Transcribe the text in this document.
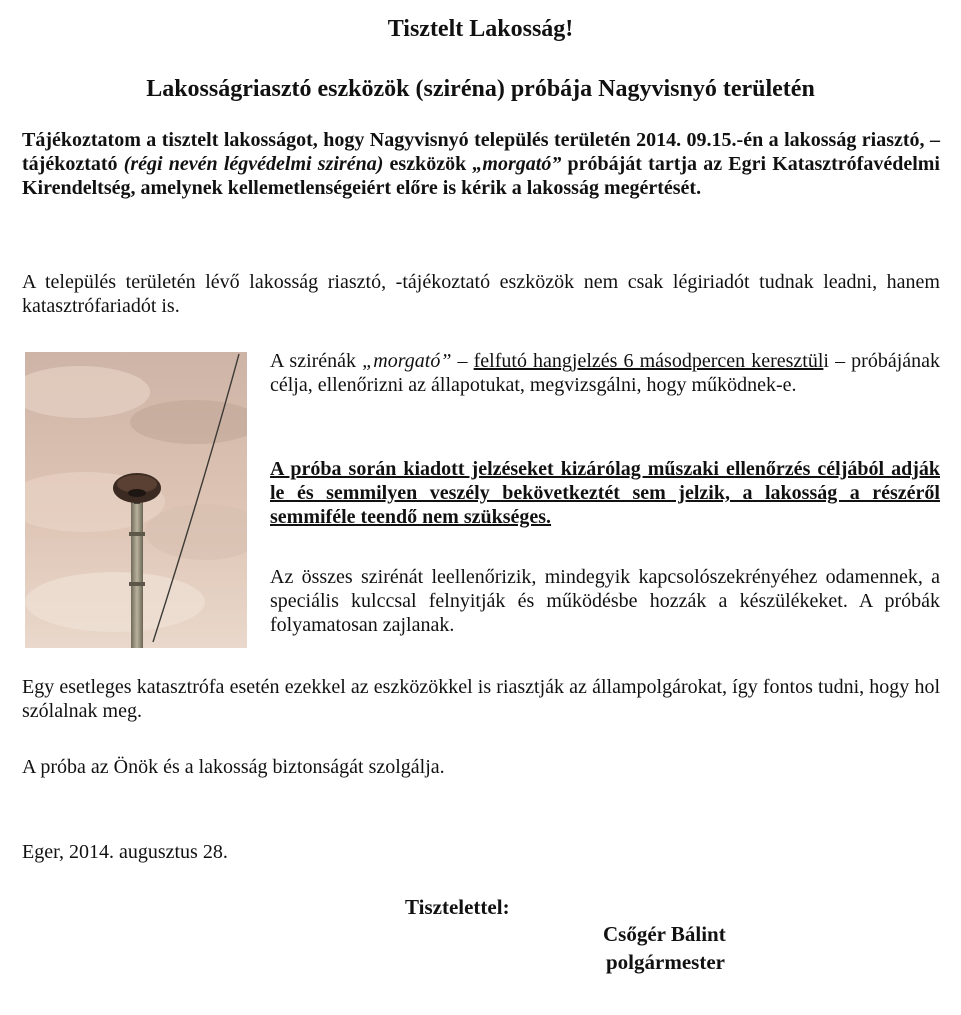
Tisztelt Lakosság!

Lakosságriasztó eszközök (sziréna) próbája Nagyvisnyó területén

Tájékoztatom a tisztelt lakosságot, hogy Nagyvisnyó település területén 2014. 09.15.-én a lakosság riasztó, –tájékoztató (régi nevén légvédelmi sziréna) eszközök „morgató” próbáját tartja az Egri Katasztrófavédelmi Kirendeltség, amelynek kellemetlenségeiért előre is kérik a lakosság megértését.

A település területén lévő lakosság riasztó, -tájékoztató eszközök nem csak légiriadót tudnak leadni, hanem katasztrófariadót is.

A szirénák „morgató” – felfutó hangjelzés 6 másodpercen keresztüli – próbájának célja, ellenőrizni az állapotukat, megvizsgálni, hogy működnek-e.

A próba során kiadott jelzéseket kizárólag műszaki ellenőrzés céljából adják le és semmilyen veszély bekövetkeztét sem jelzik, a lakosság a részéről semmiféle teendő nem szükséges.

Az összes szirénát leellenőrizik, mindegyik kapcsolószekrényéhez odamennek, a speciális kulccsal felnyitják és működésbe hozzák a készülékeket. A próbák folyamatosan zajlanak.

Egy esetleges katasztrófa esetén ezekkel az eszközökkel is riasztják az állampolgárokat, így fontos tudni, hogy hol szólalnak meg.

A próba az Önök és a lakosság biztonságát szolgálja.

Eger, 2014. augusztus 28.

Tisztelettel:

Csőgér Bálint

polgármester
